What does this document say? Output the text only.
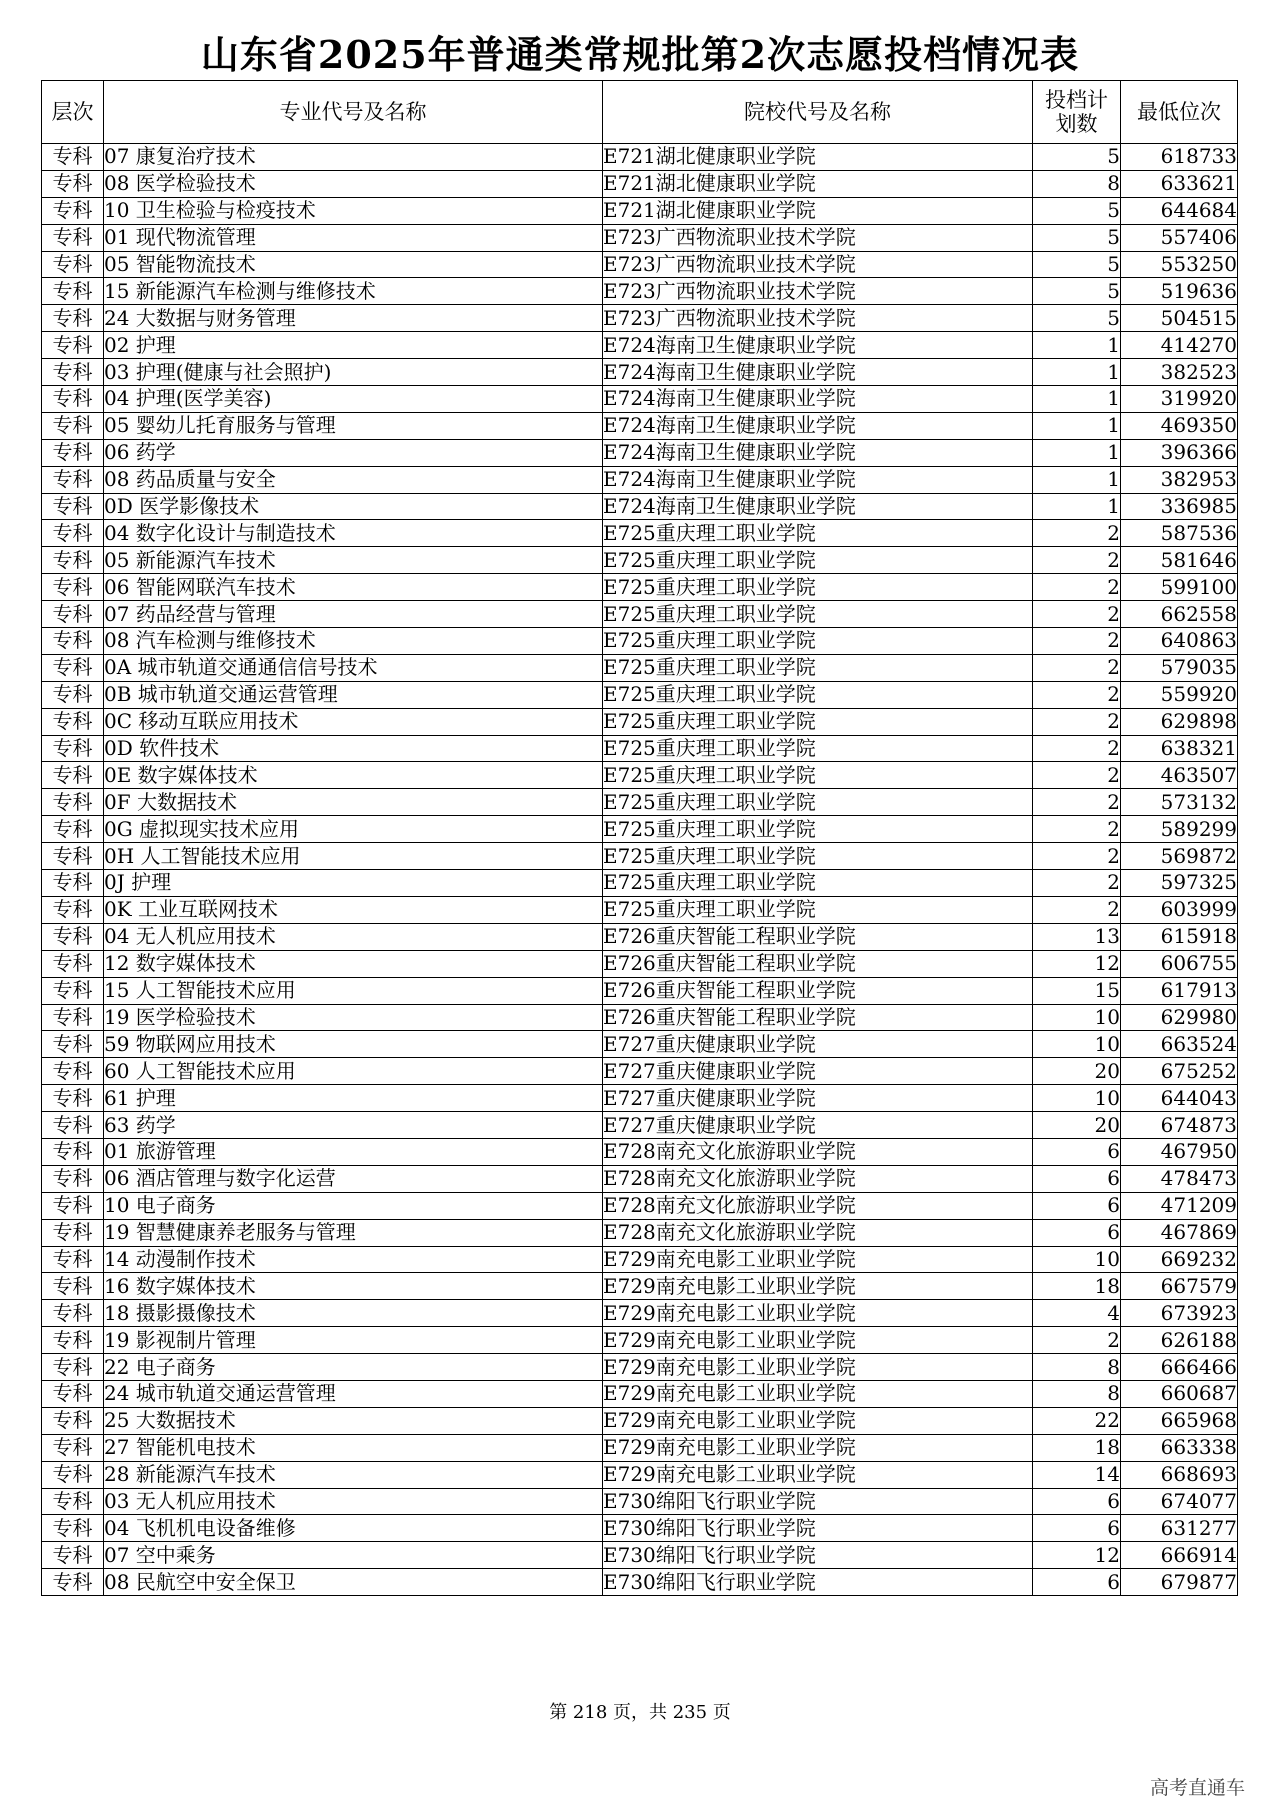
山东省2025年普通类常规批第2次志愿投档情况表
层次	专业代号及名称	院校代号及名称	投档计
划数	最低位次
专科	07 康复治疗技术	E721湖北健康职业学院	5	618733
专科	08 医学检验技术	E721湖北健康职业学院	8	633621
专科	10 卫生检验与检疫技术	E721湖北健康职业学院	5	644684
专科	01 现代物流管理	E723广西物流职业技术学院	5	557406
专科	05 智能物流技术	E723广西物流职业技术学院	5	553250
专科	15 新能源汽车检测与维修技术	E723广西物流职业技术学院	5	519636
专科	24 大数据与财务管理	E723广西物流职业技术学院	5	504515
专科	02 护理	E724海南卫生健康职业学院	1	414270
专科	03 护理(健康与社会照护)	E724海南卫生健康职业学院	1	382523
专科	04 护理(医学美容)	E724海南卫生健康职业学院	1	319920
专科	05 婴幼儿托育服务与管理	E724海南卫生健康职业学院	1	469350
专科	06 药学	E724海南卫生健康职业学院	1	396366
专科	08 药品质量与安全	E724海南卫生健康职业学院	1	382953
专科	0D 医学影像技术	E724海南卫生健康职业学院	1	336985
专科	04 数字化设计与制造技术	E725重庆理工职业学院	2	587536
专科	05 新能源汽车技术	E725重庆理工职业学院	2	581646
专科	06 智能网联汽车技术	E725重庆理工职业学院	2	599100
专科	07 药品经营与管理	E725重庆理工职业学院	2	662558
专科	08 汽车检测与维修技术	E725重庆理工职业学院	2	640863
专科	0A 城市轨道交通通信信号技术	E725重庆理工职业学院	2	579035
专科	0B 城市轨道交通运营管理	E725重庆理工职业学院	2	559920
专科	0C 移动互联应用技术	E725重庆理工职业学院	2	629898
专科	0D 软件技术	E725重庆理工职业学院	2	638321
专科	0E 数字媒体技术	E725重庆理工职业学院	2	463507
专科	0F 大数据技术	E725重庆理工职业学院	2	573132
专科	0G 虚拟现实技术应用	E725重庆理工职业学院	2	589299
专科	0H 人工智能技术应用	E725重庆理工职业学院	2	569872
专科	0J 护理	E725重庆理工职业学院	2	597325
专科	0K 工业互联网技术	E725重庆理工职业学院	2	603999
专科	04 无人机应用技术	E726重庆智能工程职业学院	13	615918
专科	12 数字媒体技术	E726重庆智能工程职业学院	12	606755
专科	15 人工智能技术应用	E726重庆智能工程职业学院	15	617913
专科	19 医学检验技术	E726重庆智能工程职业学院	10	629980
专科	59 物联网应用技术	E727重庆健康职业学院	10	663524
专科	60 人工智能技术应用	E727重庆健康职业学院	20	675252
专科	61 护理	E727重庆健康职业学院	10	644043
专科	63 药学	E727重庆健康职业学院	20	674873
专科	01 旅游管理	E728南充文化旅游职业学院	6	467950
专科	06 酒店管理与数字化运营	E728南充文化旅游职业学院	6	478473
专科	10 电子商务	E728南充文化旅游职业学院	6	471209
专科	19 智慧健康养老服务与管理	E728南充文化旅游职业学院	6	467869
专科	14 动漫制作技术	E729南充电影工业职业学院	10	669232
专科	16 数字媒体技术	E729南充电影工业职业学院	18	667579
专科	18 摄影摄像技术	E729南充电影工业职业学院	4	673923
专科	19 影视制片管理	E729南充电影工业职业学院	2	626188
专科	22 电子商务	E729南充电影工业职业学院	8	666466
专科	24 城市轨道交通运营管理	E729南充电影工业职业学院	8	660687
专科	25 大数据技术	E729南充电影工业职业学院	22	665968
专科	27 智能机电技术	E729南充电影工业职业学院	18	663338
专科	28 新能源汽车技术	E729南充电影工业职业学院	14	668693
专科	03 无人机应用技术	E730绵阳飞行职业学院	6	674077
专科	04 飞机机电设备维修	E730绵阳飞行职业学院	6	631277
专科	07 空中乘务	E730绵阳飞行职业学院	12	666914
专科	08 民航空中安全保卫	E730绵阳飞行职业学院	6	679877
第 218 页，共 235 页
高考直通车
